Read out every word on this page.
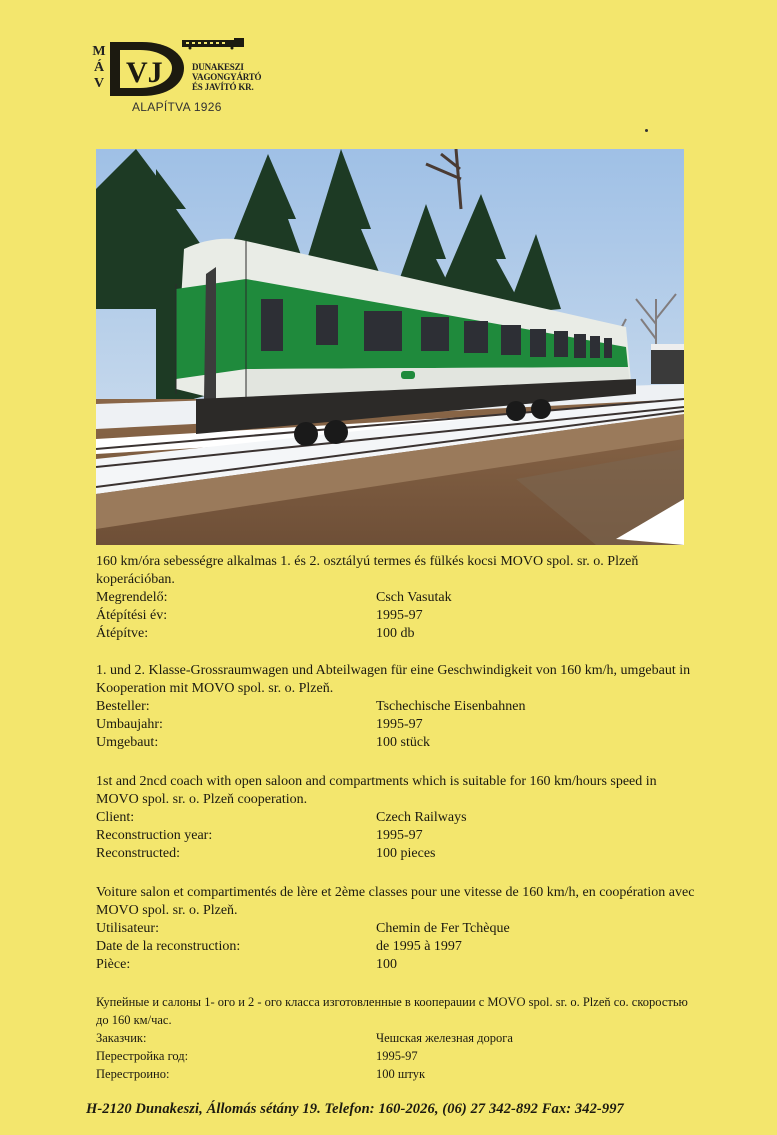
M
Á
V VJ	DUNAKESZI
VAGONGYÁRTÓ
ÉS JAVÍTÓ KR.
ALAPÍTVA 1926

160 km/óra sebességre alkalmas 1. és 2. osztályú termes és fülkés kocsi MOVO spol. sr. o. Plzeň koperációban.

Megrendelő:	Csch Vasutak
Átépítési év:	1995-97
Átépítve:	100 db

1. und 2. Klasse-Grossraumwagen und Abteilwagen für eine Geschwindigkeit von 160 km/h, umgebaut in Kooperation mit MOVO spol. sr. o. Plzeň.

Besteller:	Tschechische Eisenbahnen
Umbaujahr:	1995-97
Umgebaut:	100 stück

1st and 2ncd coach with open saloon and compartments which is suitable for 160 km/hours speed in MOVO spol. sr. o. Plzeň cooperation.

Client:	Czech Railways
Reconstruction year:	1995-97
Reconstructed:	100 pieces

Voiture salon et compartimentés de lère et 2ème classes pour une vitesse de 160 km/h, en coopération avec MOVO spol. sr. o. Plzeň.

Utilisateur:	Chemin de Fer Tchèque
Date de la reconstruction:	de 1995 à 1997
Pièce:	100

Купейные и салоны 1- ого и 2 - ого класса изготовленные в коопераuии с MOVO spol. sr. o. Plzeň co. скоростью до 160 км/час.

Заказчик:	Чешская железная дорога
Перестройка год:	1995-97
Перестроино:	100 штук
H-2120 Dunakeszi, Állomás sétány 19. Telefon: 160-2026, (06) 27 342-892 Fax: 342-997
